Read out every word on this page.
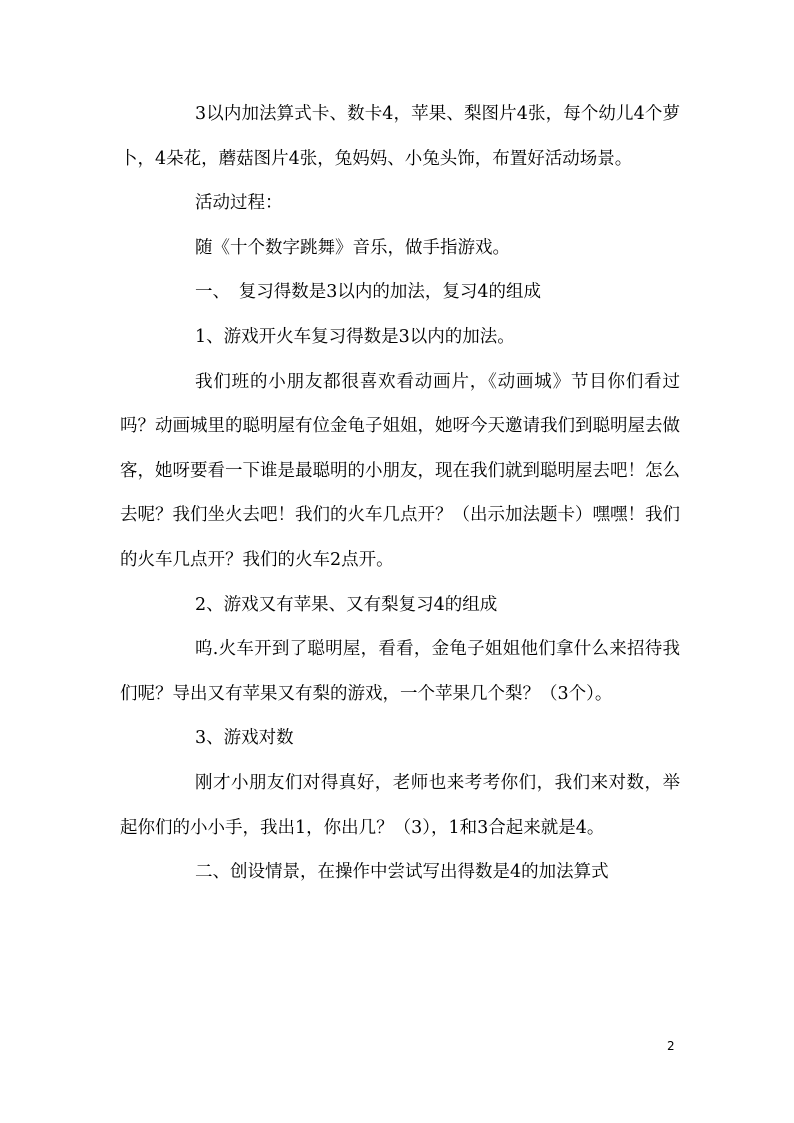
3以内加法算式卡、数卡4，苹果、梨图片4张，每个幼儿4个萝卜，4朵花，蘑菇图片4张，兔妈妈、小兔头饰，布置好活动场景。

活动过程：

随《十个数字跳舞》音乐，做手指游戏。

一、　复习得数是3以内的加法，复习4的组成

1、游戏开火车复习得数是3以内的加法。

我们班的小朋友都很喜欢看动画片，《动画城》节目你们看过吗？动画城里的聪明屋有位金龟子姐姐，她呀今天邀请我们到聪明屋去做客，她呀要看一下谁是最聪明的小朋友，现在我们就到聪明屋去吧！怎么去呢？我们坐火去吧！我们的火车几点开？（出示加法题卡）嘿嘿！我们的火车几点开？我们的火车2点开。

2、游戏又有苹果、又有梨复习4的组成

呜.火车开到了聪明屋，看看，金龟子姐姐他们拿什么来招待我们呢？导出又有苹果又有梨的游戏，一个苹果几个梨？（3个）。

3、游戏对数

刚才小朋友们对得真好，老师也来考考你们，我们来对数，举起你们的小小手，我出1，你出几？（3），1和3合起来就是4。

二、创设情景，在操作中尝试写出得数是4的加法算式

2
